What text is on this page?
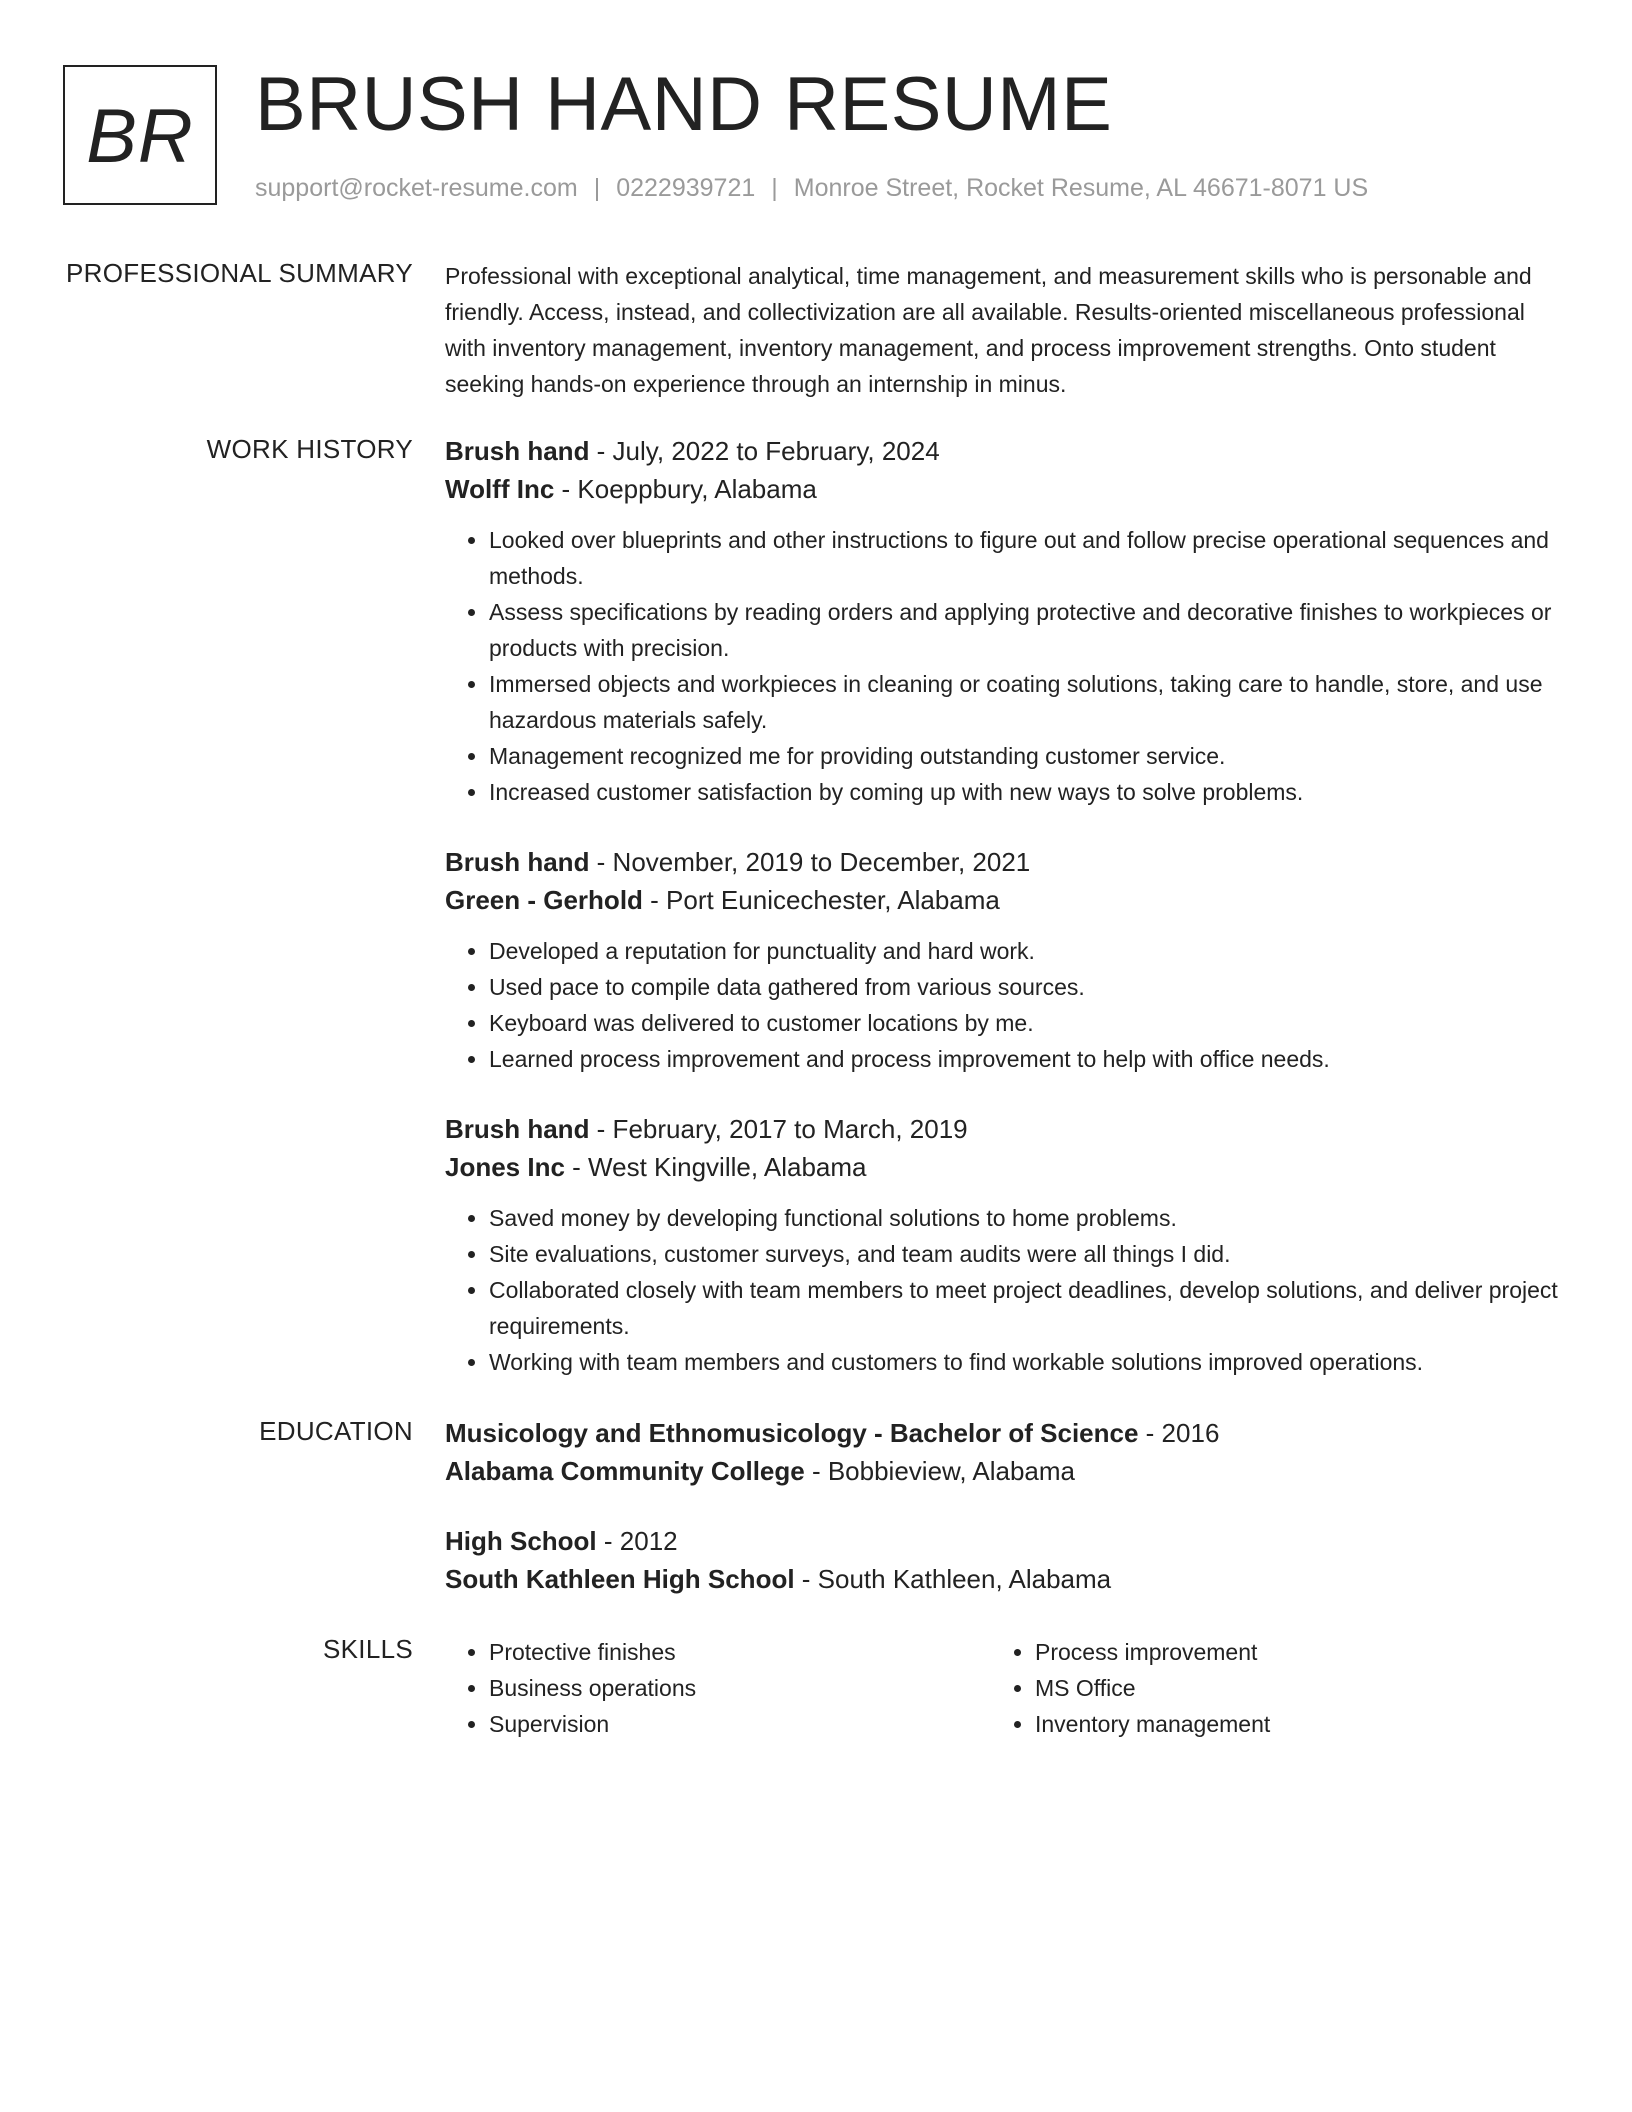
BR BRUSH HAND RESUME
support@rocket-resume.com | 0222939721 | Monroe Street, Rocket Resume, AL 46671-8071 US
PROFESSIONAL SUMMARY Professional with exceptional analytical, time management, and measurement skills who is personable and friendly. Access, instead, and collectivization are all available. Results-oriented miscellaneous professional with inventory management, inventory management, and process improvement strengths. Onto student seeking hands-on experience through an internship in minus.
WORK HISTORY Brush hand - July, 2022 to February, 2024
Wolff Inc - Koeppbury, Alabama
• Looked over blueprints and other instructions to figure out and follow precise operational sequences and methods.
• Assess specifications by reading orders and applying protective and decorative finishes to workpieces or products with precision.
• Immersed objects and workpieces in cleaning or coating solutions, taking care to handle, store, and use hazardous materials safely.
• Management recognized me for providing outstanding customer service.
• Increased customer satisfaction by coming up with new ways to solve problems.
Brush hand - November, 2019 to December, 2021
Green - Gerhold - Port Eunicechester, Alabama
• Developed a reputation for punctuality and hard work.
• Used pace to compile data gathered from various sources.
• Keyboard was delivered to customer locations by me.
• Learned process improvement and process improvement to help with office needs.
Brush hand - February, 2017 to March, 2019
Jones Inc - West Kingville, Alabama
• Saved money by developing functional solutions to home problems.
• Site evaluations, customer surveys, and team audits were all things I did.
• Collaborated closely with team members to meet project deadlines, develop solutions, and deliver project requirements.
• Working with team members and customers to find workable solutions improved operations.
EDUCATION Musicology and Ethnomusicology - Bachelor of Science - 2016
Alabama Community College - Bobbieview, Alabama
High School - 2012
South Kathleen High School - South Kathleen, Alabama
SKILLS
•	Protective finishes
• Business operations
• Supervision
• Process improvement
• MS Office
• Inventory management
